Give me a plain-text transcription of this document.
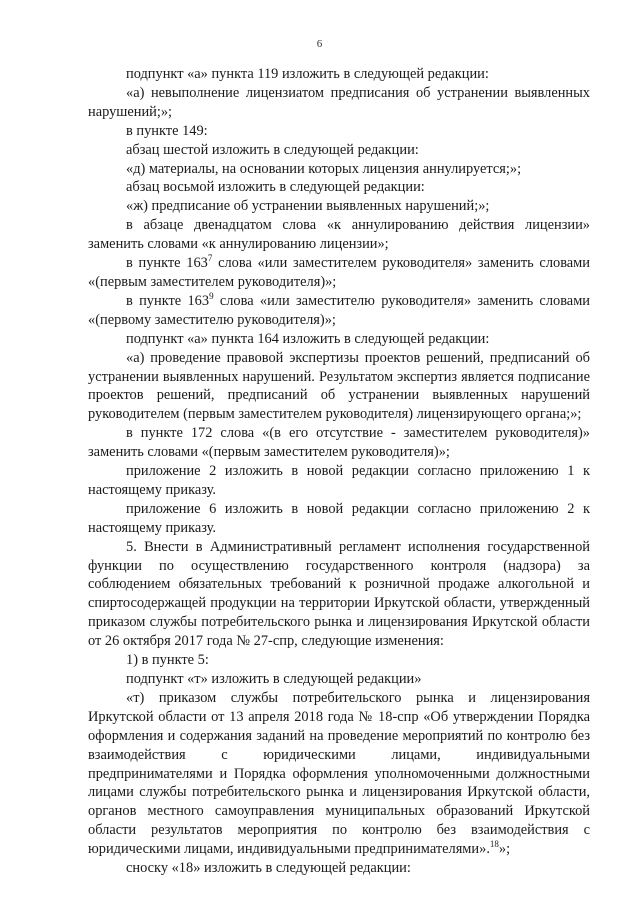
6

подпункт «а» пункта 119 изложить в следующей редакции:

«а) невыполнение лицензиатом предписания об устранении выявленных нарушений;»;

в пункте 149:

абзац шестой изложить в следующей редакции:

«д) материалы, на основании которых лицензия аннулируется;»;

абзац восьмой изложить в следующей редакции:

«ж) предписание об устранении выявленных нарушений;»;

в абзаце двенадцатом слова «к аннулированию действия лицензии» заменить словами «к аннулированию лицензии»;

в пункте $163^7$ слова «или заместителем руководителя» заменить словами «(первым заместителем руководителя)»;

в пункте $163^9$ слова «или заместителю руководителя» заменить словами «(первому заместителю руководителя)»;

подпункт «а» пункта 164 изложить в следующей редакции:

«а) проведение правовой экспертизы проектов решений, предписаний об устранении выявленных нарушений. Результатом экспертиз является подписание проектов решений, предписаний об устранении выявленных нарушений руководителем (первым заместителем руководителя) лицензирующего органа;»;

в пункте 172 слова «(в его отсутствие - заместителем руководителя)» заменить словами «(первым заместителем руководителя)»;

приложение 2 изложить в новой редакции согласно приложению 1 к настоящему приказу.

приложение 6 изложить в новой редакции согласно приложению 2 к настоящему приказу.

5. Внести в Административный регламент исполнения государственной функции по осуществлению государственного контроля (надзора) за соблюдением обязательных требований к розничной продаже алкогольной и спиртосодержащей продукции на территории Иркутской области, утвержденный приказом службы потребительского рынка и лицензирования Иркутской области от 26 октября 2017 года № 27-спр, следующие изменения:

1) в пункте 5:

подпункт «т» изложить в следующей редакции»

«т) приказом службы потребительского рынка и лицензирования Иркутской области от 13 апреля 2018 года № 18-спр «Об утверждении Порядка оформления и содержания заданий на проведение мероприятий по контролю без взаимодействия с юридическими лицами, индивидуальными предпринимателями и Порядка оформления уполномоченными должностными лицами службы потребительского рынка и лицензирования Иркутской области, органов местного самоуправления муниципальных образований Иркутской области результатов мероприятия по контролю без взаимодействия с юридическими лицами, индивидуальными предпринимателями».$^{18}$»;

сноску «18» изложить в следующей редакции:
